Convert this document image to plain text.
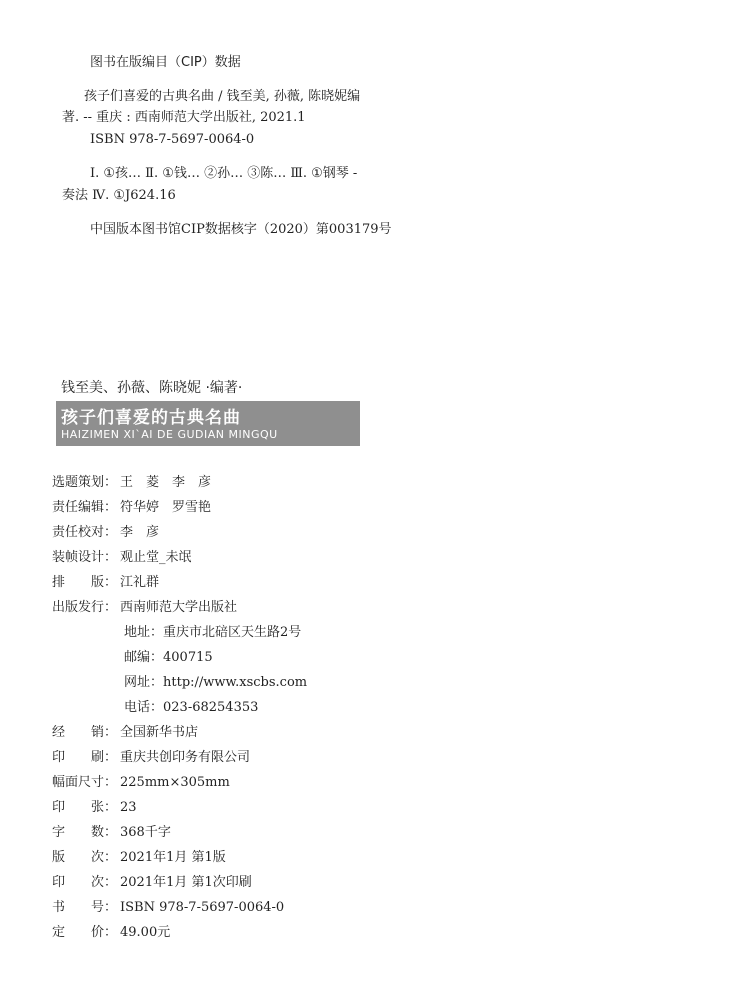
图书在版编目（CIP）数据
孩子们喜爱的古典名曲 / 钱至美, 孙薇, 陈晓妮编
著. -- 重庆 : 西南师范大学出版社, 2021.1
ISBN 978-7-5697-0064-0
Ⅰ. ①孩… Ⅱ. ①钱… ②孙… ③陈… Ⅲ. ①钢琴 -
奏法 Ⅳ. ①J624.16
中国版本图书馆CIP数据核字（2020）第003179号
钱至美、孙薇、陈晓妮 ·编著·
孩子们喜爱的古典名曲
HAIZIMEN XI`AI DE GUDIAN MINGQU
选题策划： 王　菱　李　彦
责任编辑： 符华婷　罗雪艳
责任校对： 李　彦
装帧设计： 观止堂_未氓
排　　版： 江礼群
出版发行： 西南师范大学出版社
地址： 重庆市北碚区天生路2号
邮编： 400715
网址： http://www.xscbs.com
电话： 023-68254353
经　　销： 全国新华书店
印　　刷： 重庆共创印务有限公司
幅面尺寸： 225mm×305mm
印　　张： 23
字　　数： 368千字
版　　次： 2021年1月 第1版
印　　次： 2021年1月 第1次印刷
书　　号： ISBN 978-7-5697-0064-0
定　　价： 49.00元
